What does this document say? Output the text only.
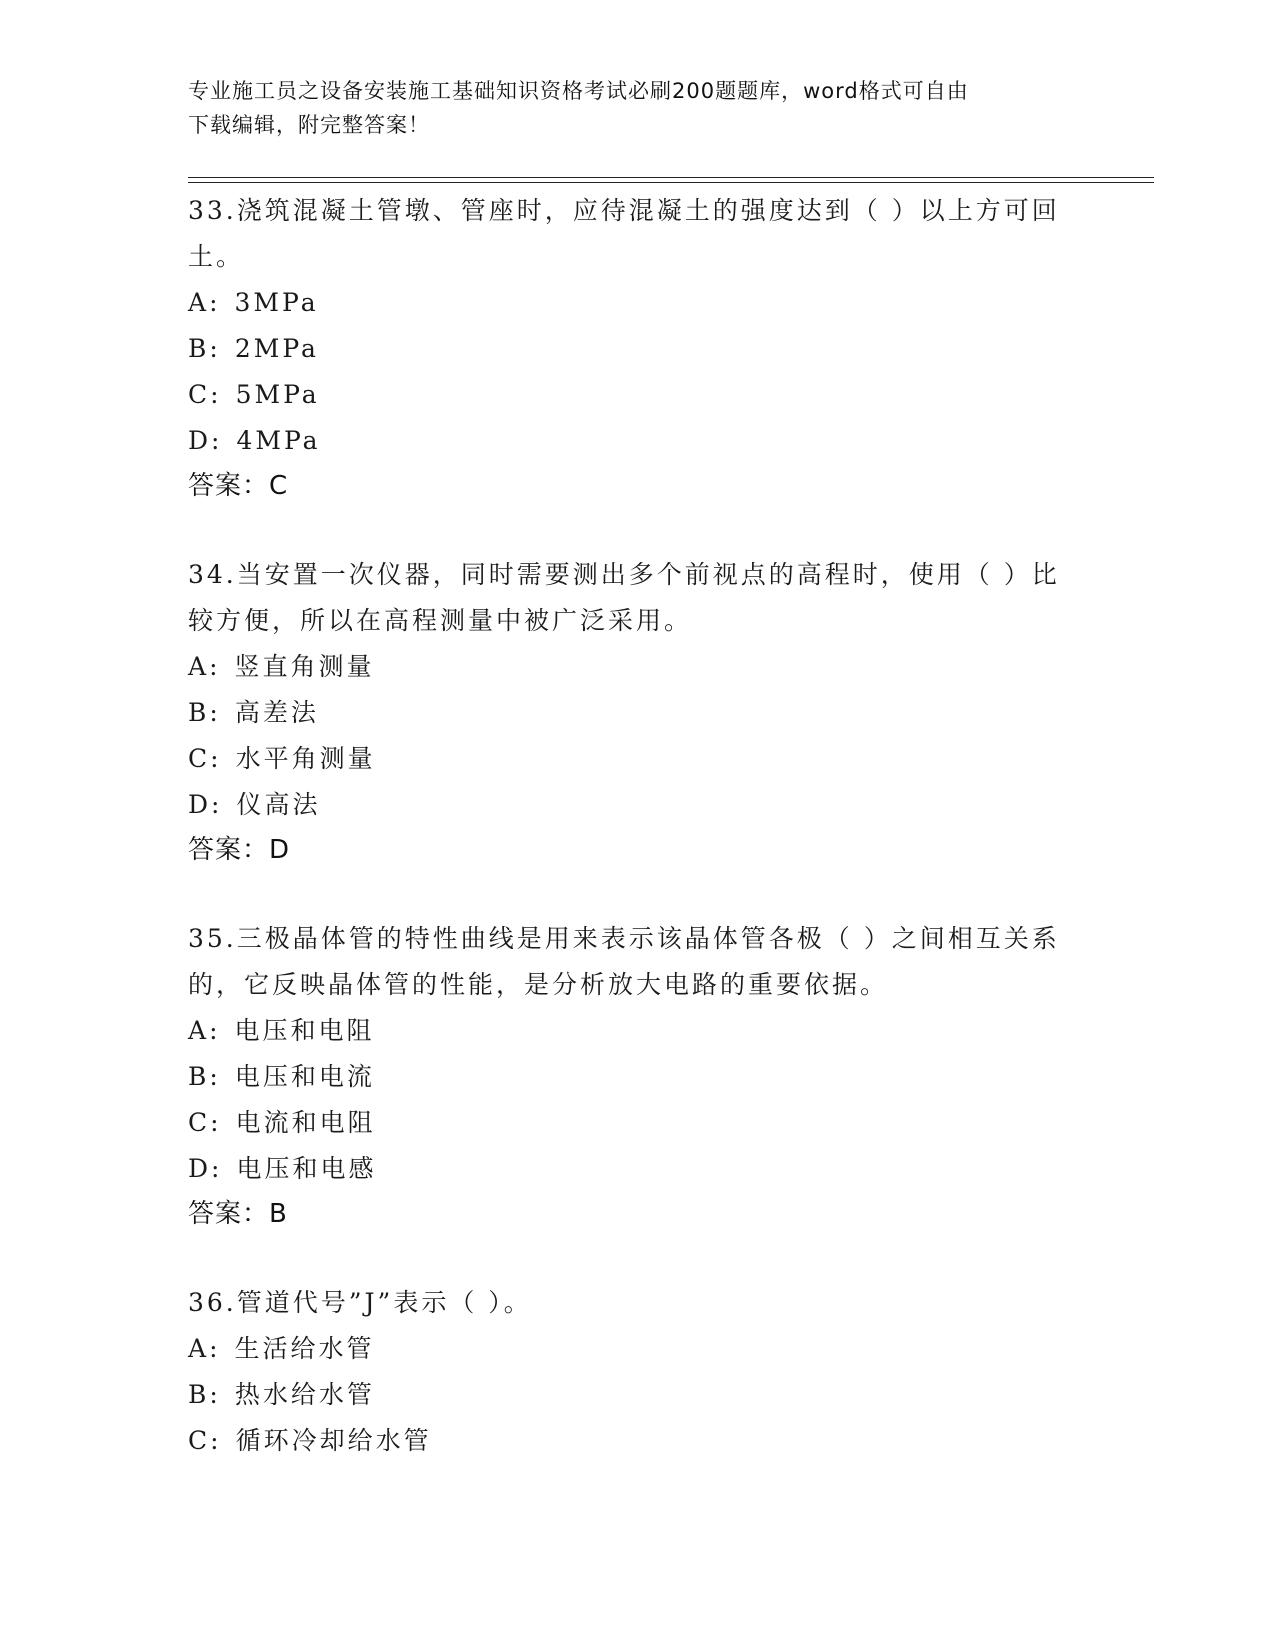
专业施工员之设备安装施工基础知识资格考试必刷200题题库，word格式可自由
下载编辑，附完整答案！

33.浇筑混凝土管墩、管座时，应待混凝土的强度达到（ ）以上方可回土。

A: 3MPa

B: 2MPa

C: 5MPa

D: 4MPa

答案：C

34.当安置一次仪器，同时需要测出多个前视点的高程时，使用（ ）比较方便，所以在高程测量中被广泛采用。

A: 竖直角测量

B: 高差法

C: 水平角测量

D: 仪高法

答案：D

35.三极晶体管的特性曲线是用来表示该晶体管各极（ ）之间相互关系的，它反映晶体管的性能，是分析放大电路的重要依据。

A: 电压和电阻

B: 电压和电流

C: 电流和电阻

D: 电压和电感

答案：B

36.管道代号”J”表示（ ）。

A: 生活给水管

B: 热水给水管

C: 循环冷却给水管
